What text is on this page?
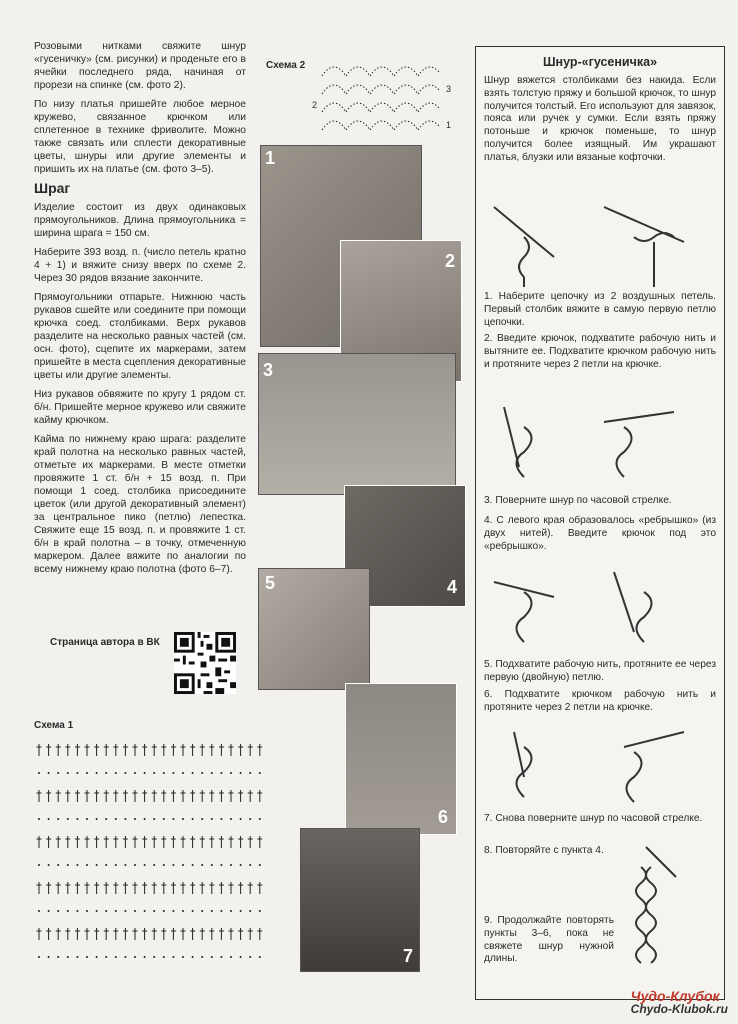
Розовыми нитками свяжите шнур «гусеничку» (см. рисунки) и проденьте его в ячейки последнего ряда, начиная от прорези на спинке (см. фото 2).

По низу платья пришейте любое мерное кружево, связанное крючком или сплетенное в технике фриволите. Можно также связать или сплести декоративные цветы, шнуры или другие элементы и пришить их на платье (см. фото 3–5).

Шраг

Изделие состоит из двух одинаковых прямоугольников. Длина прямоугольника = ширина шрага = 150 см.

Наберите 393 возд. п. (число петель кратно 4 + 1) и вяжите снизу вверх по схеме 2. Через 30 рядов вязание закончите.

Прямоугольники отпарьте. Нижнюю часть рукавов сшейте или соедините при помощи крючка соед. столбиками. Верх рукавов разделите на несколько равных частей (см. осн. фото), сцепите их маркерами, затем пришейте в места сцепления декоративные цветы или другие элементы.

Низ рукавов обвяжите по кругу 1 рядом ст. б/н. Пришейте мерное кружево или свяжите кайму крючком.

Кайма по нижнему краю шрага: разделите край полотна на несколько равных частей, отметьте их маркерами. В месте отметки провяжите 1 ст. б/н + 15 возд. п. При помощи 1 соед. столбика присоедините цветок (или другой декоративный элемент) за центральное пико (петлю) лепестка. Свяжите еще 15 возд. п. и провяжите 1 ст. б/н в край полотна – в точку, отмеченную маркером. Далее вяжите по аналогии по всему нижнему краю полотна (фото 6–7).

Страница автора в ВК
Схема 1
Схема 2
3
2
1
1
2
3
4
5
6
7
Шнур-«гусеничка»
Шнур вяжется столбиками без накида. Если взять толстую пряжу и большой крючок, то шнур получится толстый. Его используют для завязок, пояса или ручек у сумки. Если взять пряжу потоньше и крючок поменьше, то шнур получится более изящный. Им украшают платья, блузки или вязаные кофточки.
1. Наберите цепочку из 2 воздушных петель. Первый столбик вяжите в самую первую петлю цепочки.
2. Введите крючок, подхватите рабочую нить и вытяните ее. Подхватите крючком рабочую нить и протяните через 2 петли на крючке.
3. Поверните шнур по часовой стрелке.
4. С левого края образовалось «ребрышко» (из двух нитей). Введите крючок под это «ребрышко».
5. Подхватите рабочую нить, протяните ее через первую (двойную) петлю.
6. Подхватите крючком рабочую нить и протяните через 2 петли на крючке.
7. Снова поверните шнур по часовой стрелке.
8. Повторяйте с пункта 4.
9. Продолжайте повторять пункты 3–6, пока не свяжете шнур нужной длины.
Чудо-Клубок
Chydo-Klubok.ru
